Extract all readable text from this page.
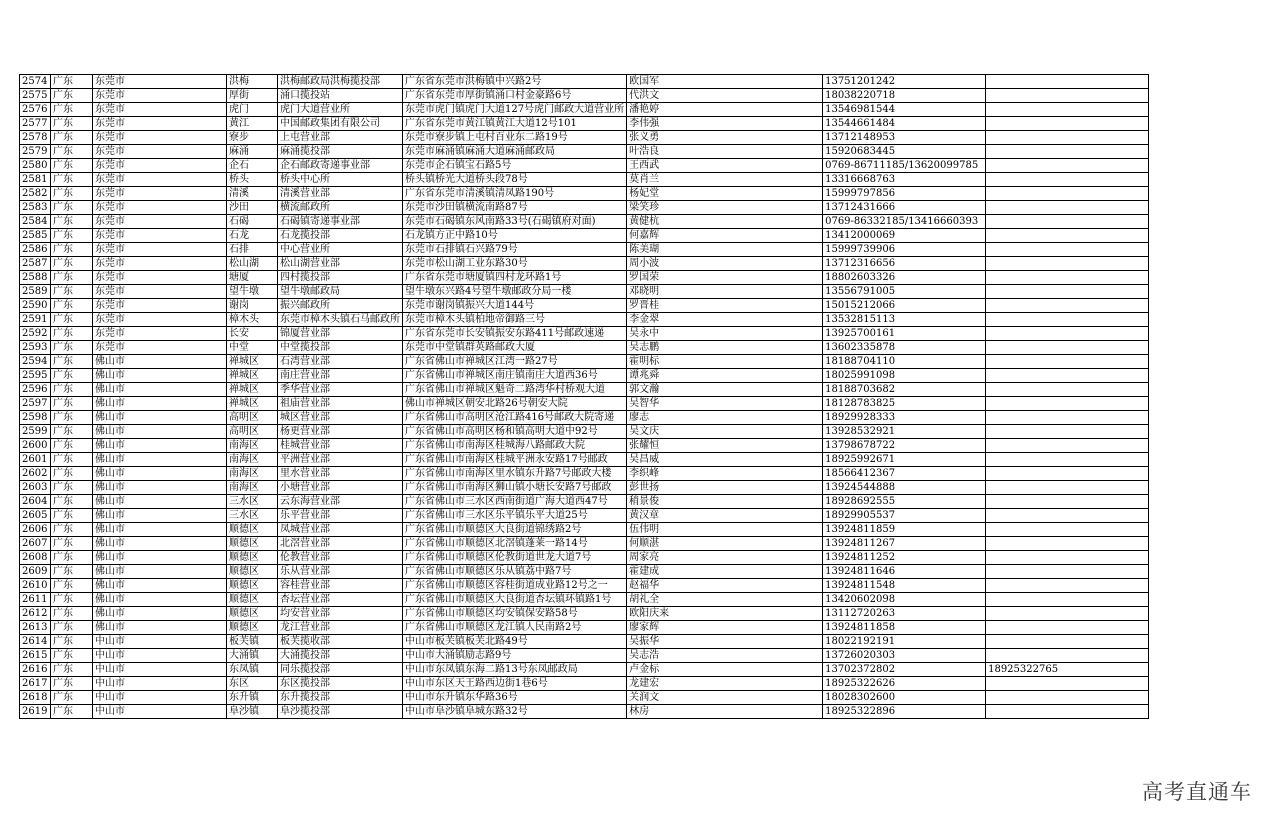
2574	广东	东莞市	洪梅	洪梅邮政局洪梅揽投部	广东省东莞市洪梅镇中兴路2号	欧国军	13751201242	
2575	广东	东莞市	厚街	涌口揽投站	广东省东莞市厚街镇涌口村金豪路6号	代洪文	18038220718	
2576	广东	东莞市	虎门	虎门大道营业所	东莞市虎门镇虎门大道127号虎门邮政大道营业所	潘艳婷	13546981544	
2577	广东	东莞市	黄江	中国邮政集团有限公司	广东省东莞市黄江镇黄江大道12号101	李伟强	13544661484	
2578	广东	东莞市	寮步	上屯营业部	东莞市寮步镇上屯村百业东二路19号	张义勇	13712148953	
2579	广东	东莞市	麻涌	麻涌揽投部	东莞市麻涌镇麻涌大道麻涌邮政局	叶浩良	15920683445	
2580	广东	东莞市	企石	企石邮政寄递事业部	东莞市企石镇宝石路5号	王西武	0769-86711185/13620099785	
2581	广东	东莞市	桥头	桥头中心所	桥头镇桥光大道桥头段78号	莫肖兰	13316668763	
2582	广东	东莞市	清溪	清溪营业部	广东省东莞市清溪镇清凤路190号	杨妃堂	15999797856	
2583	广东	东莞市	沙田	横流邮政所	东莞市沙田镇横流南路87号	梁笑珍	13712431666	
2584	广东	东莞市	石碣	石碣镇寄递事业部	东莞市石碣镇东风南路33号(石碣镇府对面)	黄健杭	0769-86332185/13416660393	
2585	广东	东莞市	石龙	石龙揽投部	石龙镇方正中路10号	何嘉辉	13412000069	
2586	广东	东莞市	石排	中心营业所	东莞市石排镇石兴路79号	陈美瑚	15999739906	
2587	广东	东莞市	松山湖	松山湖营业部	东莞市松山湖工业东路30号	周小波	13712316656	
2588	广东	东莞市	塘厦	四村揽投部	广东省东莞市塘厦镇四村龙环路1号	罗国荣	18802603326	
2589	广东	东莞市	望牛墩	望牛墩邮政局	望牛墩东兴路4号望牛墩邮政分局一楼	邓晓明	13556791005	
2590	广东	东莞市	谢岗	振兴邮政所	东莞市谢岗镇振兴大道144号	罗晋桂	15015212066	
2591	广东	东莞市	樟木头	东莞市樟木头镇石马邮政所	东莞市樟木头镇柏地帝御路三号	李金翠	13532815113	
2592	广东	东莞市	长安	锦厦营业部	广东省东莞市长安镇振安东路411号邮政速递	吴永中	13925700161	
2593	广东	东莞市	中堂	中堂揽投部	东莞市中堂镇群英路邮政大厦	吴志鹏	13602335878	
2594	广东	佛山市	禅城区	石湾营业部	广东省佛山市禅城区江湾一路27号	霍明标	18188704110	
2595	广东	佛山市	禅城区	南庄营业部	广东省佛山市禅城区南庄镇南庄大道西36号	谭兆舜	18025991098	
2596	广东	佛山市	禅城区	季华营业部	广东省佛山市禅城区魁奇二路湾华村桥观大道	郭文瀚	18188703682	
2597	广东	佛山市	禅城区	祖庙营业部	佛山市禅城区朝安北路26号朝安大院	吴智华	18128783825	
2598	广东	佛山市	高明区	城区营业部	广东省佛山市高明区沧江路416号邮政大院寄递	廖志	18929928333	
2599	广东	佛山市	高明区	杨更营业部	广东省佛山市高明区杨和镇高明大道中92号	吴文庆	13928532921	
2600	广东	佛山市	南海区	桂城营业部	广东省佛山市南海区桂城海八路邮政大院	张耀恒	13798678722	
2601	广东	佛山市	南海区	平洲营业部	广东省佛山市南海区桂城平洲永安路17号邮政	吴昌威	18925992671	
2602	广东	佛山市	南海区	里水营业部	广东省佛山市南海区里水镇东升路7号邮政大楼	李织峰	18566412367	
2603	广东	佛山市	南海区	小塘营业部	广东省佛山市南海区狮山镇小塘长安路7号邮政	彭世扬	13924544888	
2604	广东	佛山市	三水区	云东海营业部	广东省佛山市三水区西南街道广海大道西47号	稍景俊	18928692555	
2605	广东	佛山市	三水区	乐平营业部	广东省佛山市三水区乐平镇乐平大道25号	黄汉章	18929905537	
2606	广东	佛山市	顺德区	凤城营业部	广东省佛山市顺德区大良街道锦绣路2号	伍伟明	13924811859	
2607	广东	佛山市	顺德区	北滘营业部	广东省佛山市顺德区北滘镇蓬莱一路14号	何顺湛	13924811267	
2608	广东	佛山市	顺德区	伦教营业部	广东省佛山市顺德区伦教街道世龙大道7号	周家亮	13924811252	
2609	广东	佛山市	顺德区	乐从营业部	广东省佛山市顺德区乐从镇荔中路7号	霍建成	13924811646	
2610	广东	佛山市	顺德区	容桂营业部	广东省佛山市顺德区容桂街道成业路12号之一	赵福华	13924811548	
2611	广东	佛山市	顺德区	杏坛营业部	广东省佛山市顺德区大良街道杏坛镇环镇路1号	胡礼全	13420602098	
2612	广东	佛山市	顺德区	均安营业部	广东省佛山市顺德区均安镇保安路58号	欧阳庆来	13112720263	
2613	广东	佛山市	顺德区	龙江营业部	广东省佛山市顺德区龙江镇人民南路2号	廖家辉	13924811858	
2614	广东	中山市	板芙镇	板芙揽收部	中山市板芙镇板芙北路49号	吴振华	18022192191	
2615	广东	中山市	大涌镇	大涌揽投部	中山市大涌镇励志路9号	吴志浩	13726020303	
2616	广东	中山市	东凤镇	同乐揽投部	中山市东凤镇东海二路13号东凤邮政局	卢金标	13702372802	18925322765
2617	广东	中山市	东区	东区揽投部	中山市东区天王路西边街1巷6号	龙建宏	18925322626	
2618	广东	中山市	东升镇	东升揽投部	中山市东升镇东华路36号	关润文	18028302600	
2619	广东	中山市	阜沙镇	阜沙揽投部	中山市阜沙镇阜城东路32号	林房	18925322896	
高考直通车
